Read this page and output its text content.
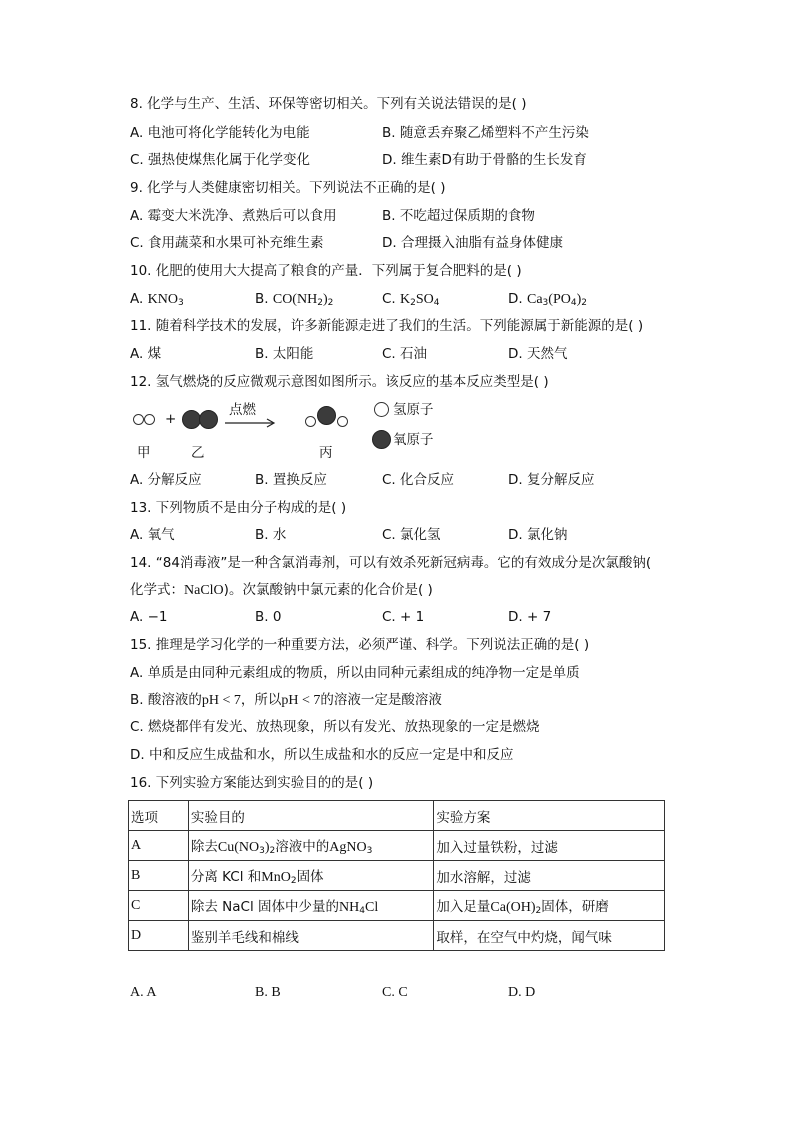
8. 化学与生产、生活、环保等密切相关。下列有关说法错误的是( )
A. 电池可将化学能转化为电能	B. 随意丢弃聚乙烯塑料不产生污染
C. 强热使煤焦化属于化学变化	D. 维生素D有助于骨骼的生长发育
9. 化学与人类健康密切相关。下列说法不正确的是( )
A. 霉变大米洗净、煮熟后可以食用	B. 不吃超过保质期的食物
C. 食用蔬菜和水果可补充维生素	D. 合理摄入油脂有益身体健康
10. 化肥的使用大大提高了粮食的产量．下列属于复合肥料的是( )
A. $KNO_3$	B. $CO(NH_2)_2$	C. $K_2SO_4$	D. $Ca_3(PO_4)_2$
11. 随着科学技术的发展，许多新能源走进了我们的生活。下列能源属于新能源的是( )
A. 煤	B. 太阳能	C. 石油	D. 天然气
12. 氢气燃烧的反应微观示意图如图所示。该反应的基本反应类型是( )
+
点燃	氢原子
氧原子
甲	乙	丙
A. 分解反应	B. 置换反应	C. 化合反应	D. 复分解反应
13. 下列物质不是由分子构成的是( )
A. 氧气	B. 水	C. 氯化氢	D. 氯化钠
14. “84消毒液”是一种含氯消毒剂，可以有效杀死新冠病毒。它的有效成分是次氯酸钠(
化学式：NaClO)。次氯酸钠中氯元素的化合价是( )
A. −1	B. 0	C. + 1	D. + 7
15. 推理是学习化学的一种重要方法，必须严谨、科学。下列说法正确的是( )
A. 单质是由同种元素组成的物质，所以由同种元素组成的纯净物一定是单质
B. 酸溶液的pH < 7，所以pH < 7的溶液一定是酸溶液
C. 燃烧都伴有发光、放热现象，所以有发光、放热现象的一定是燃烧
D. 中和反应生成盐和水，所以生成盐和水的反应一定是中和反应
16. 下列实验方案能达到实验目的的是( )
选项	实验目的	实验方案
A	除去$Cu(NO_3)_2$溶液中的AgNO$_3$	加入过量铁粉，过滤
B	分离 KCl 和MnO$_2$固体	加水溶解，过滤
C	除去 NaCl 固体中少量的$NH_4Cl$	加入足量$Ca(OH)_2$固体，研磨
D	鉴别羊毛线和棉线	取样，在空气中灼烧，闻气味
A. A	B. B	C. C	D. D
